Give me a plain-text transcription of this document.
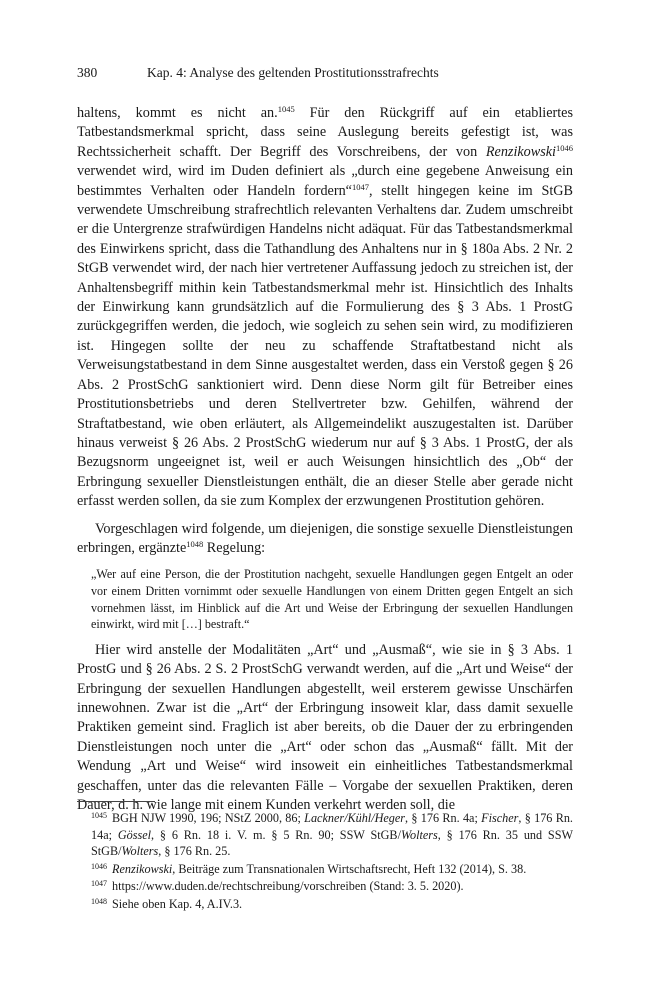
380	Kap. 4: Analyse des geltenden Prostitutionsstrafrechts

haltens, kommt es nicht an.$^{1045}$ Für den Rückgriff auf ein etabliertes Tatbestandsmerkmal spricht, dass seine Auslegung bereits gefestigt ist, was Rechtssicherheit schafft. Der Begriff des Vorschreibens, der von Renzikowski$^{1046}$ verwendet wird, wird im Duden definiert als „durch eine gegebene Anweisung ein bestimmtes Verhalten oder Handeln fordern“$^{1047}$, stellt hingegen keine im StGB verwendete Umschreibung strafrechtlich relevanten Verhaltens dar. Zudem umschreibt er die Untergrenze strafwürdigen Handelns nicht adäquat. Für das Tatbestandsmerkmal des Einwirkens spricht, dass die Tathandlung des Anhaltens nur in § 180a Abs. 2 Nr. 2 StGB verwendet wird, der nach hier vertretener Auffassung jedoch zu streichen ist, der Anhaltensbegriff mithin kein Tatbestandsmerkmal mehr ist. Hinsichtlich des Inhalts der Einwirkung kann grundsätzlich auf die Formulierung des § 3 Abs. 1 ProstG zurückgegriffen werden, die jedoch, wie sogleich zu sehen sein wird, zu modifizieren ist. Hingegen sollte der neu zu schaffende Straftatbestand nicht als Verweisungstatbestand in dem Sinne ausgestaltet werden, dass ein Verstoß gegen § 26 Abs. 2 ProstSchG sanktioniert wird. Denn diese Norm gilt für Betreiber eines Prostitutionsbetriebs und deren Stellvertreter bzw. Gehilfen, während der Straftatbestand, wie oben erläutert, als Allgemeindelikt auszugestalten ist. Darüber hinaus verweist § 26 Abs. 2 ProstSchG wiederum nur auf § 3 Abs. 1 ProstG, der als Bezugsnorm ungeeignet ist, weil er auch Weisungen hinsichtlich des „Ob“ der Erbringung sexueller Dienstleistungen enthält, die an dieser Stelle aber gerade nicht erfasst werden sollen, da sie zum Komplex der erzwungenen Prostitution gehören.

Vorgeschlagen wird folgende, um diejenigen, die sonstige sexuelle Dienstleistungen erbringen, ergänzte$^{1048}$ Regelung:

„Wer auf eine Person, die der Prostitution nachgeht, sexuelle Handlungen gegen Entgelt an oder vor einem Dritten vornimmt oder sexuelle Handlungen von einem Dritten gegen Entgelt an sich vornehmen lässt, im Hinblick auf die Art und Weise der Erbringung der sexuellen Handlungen einwirkt, wird mit […] bestraft.“

Hier wird anstelle der Modalitäten „Art“ und „Ausmaß“, wie sie in § 3 Abs. 1 ProstG und § 26 Abs. 2 S. 2 ProstSchG verwandt werden, auf die „Art und Weise“ der Erbringung der sexuellen Handlungen abgestellt, weil ersterem gewisse Unschärfen innewohnen. Zwar ist die „Art“ der Erbringung insoweit klar, dass damit sexuelle Praktiken gemeint sind. Fraglich ist aber bereits, ob die Dauer der zu erbringenden Dienstleistungen noch unter die „Art“ oder schon das „Ausmaß“ fällt. Mit der Wendung „Art und Weise“ wird insoweit ein einheitliches Tatbestandsmerkmal geschaffen, unter das die relevanten Fälle – Vorgabe der sexuellen Praktiken, deren Dauer, d. h. wie lange mit einem Kunden verkehrt werden soll, die

$^{1045}$ BGH NJW 1990, 196; NStZ 2000, 86; Lackner/Kühl/Heger, § 176 Rn. 4a; Fischer, § 176 Rn. 14a; Gössel, § 6 Rn. 18 i. V. m. § 5 Rn. 90; SSW StGB/Wolters, § 176 Rn. 35 und SSW StGB/Wolters, § 176 Rn. 25.

$^{1046}$ Renzikowski, Beiträge zum Transnationalen Wirtschaftsrecht, Heft 132 (2014), S. 38.

$^{1047}$ https://www.duden.de/rechtschreibung/vorschreiben (Stand: 3. 5. 2020).

$^{1048}$ Siehe oben Kap. 4, A.IV.3.
